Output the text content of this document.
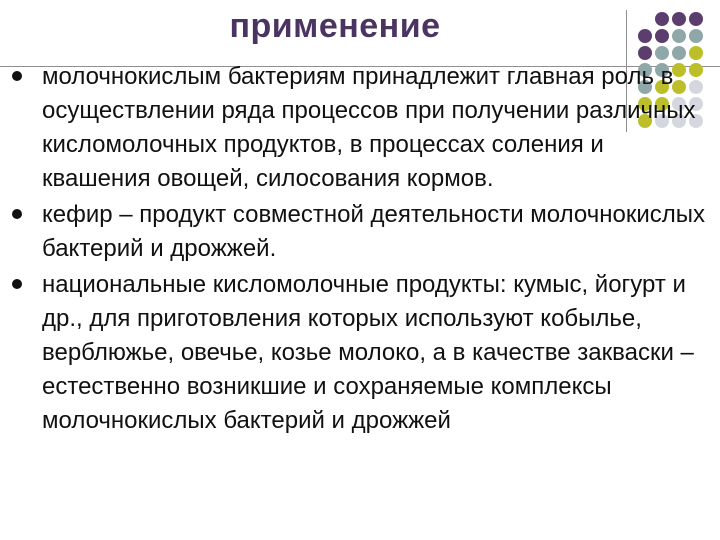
применение
молочнокислым бактериям принадлежит главная роль в осуществлении ряда процессов при получении различных кисломолочных продуктов, в процессах соления и квашения овощей, силосования кормов.
кефир – продукт совместной деятельности молочнокислых бактерий и дрожжей.
национальные кисломолочные продукты: кумыс, йогурт и др., для приготовления которых используют кобылье, верблюжье, овечье, козье молоко, а в качестве закваски – естественно возникшие и сохраняемые комплексы молочнокислых бактерий и дрожжей
